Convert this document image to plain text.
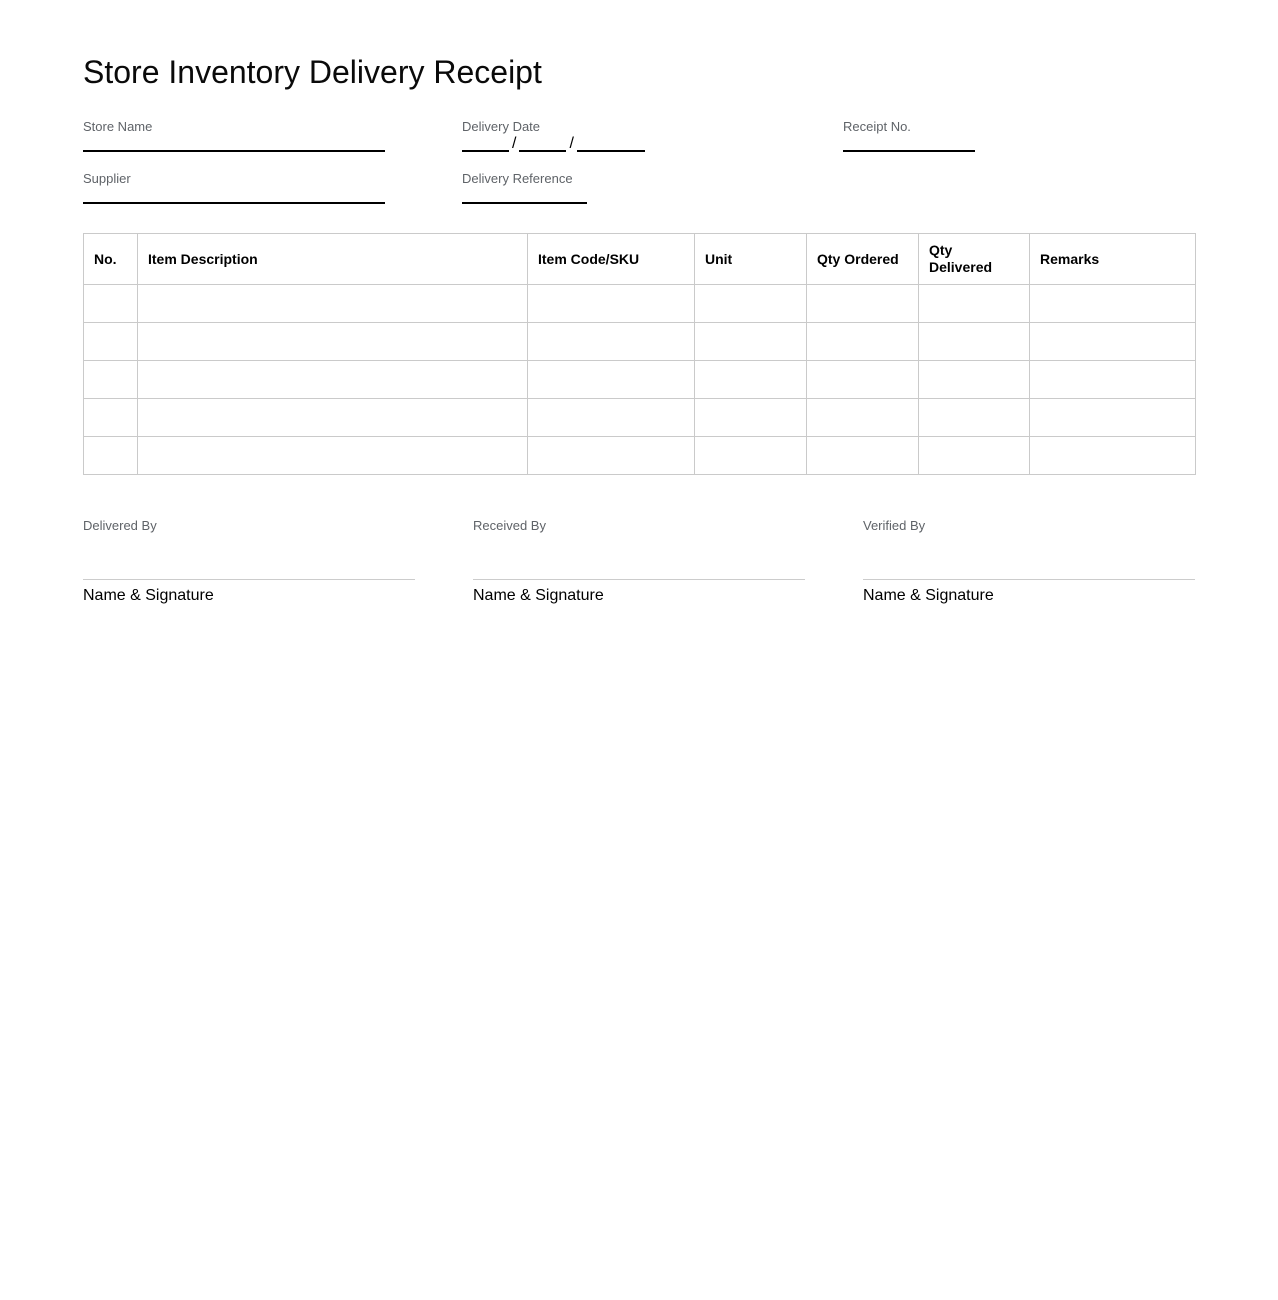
Store Inventory Delivery Receipt
Store Name	Delivery Date
/	/
Receipt No.
Supplier	Delivery Reference
No.	Item Description	Item Code/SKU	Unit	Qty Ordered	Qty Delivered	Remarks

Delivered By
Name & Signature
Received By
Name & Signature
Verified By
Name & Signature
